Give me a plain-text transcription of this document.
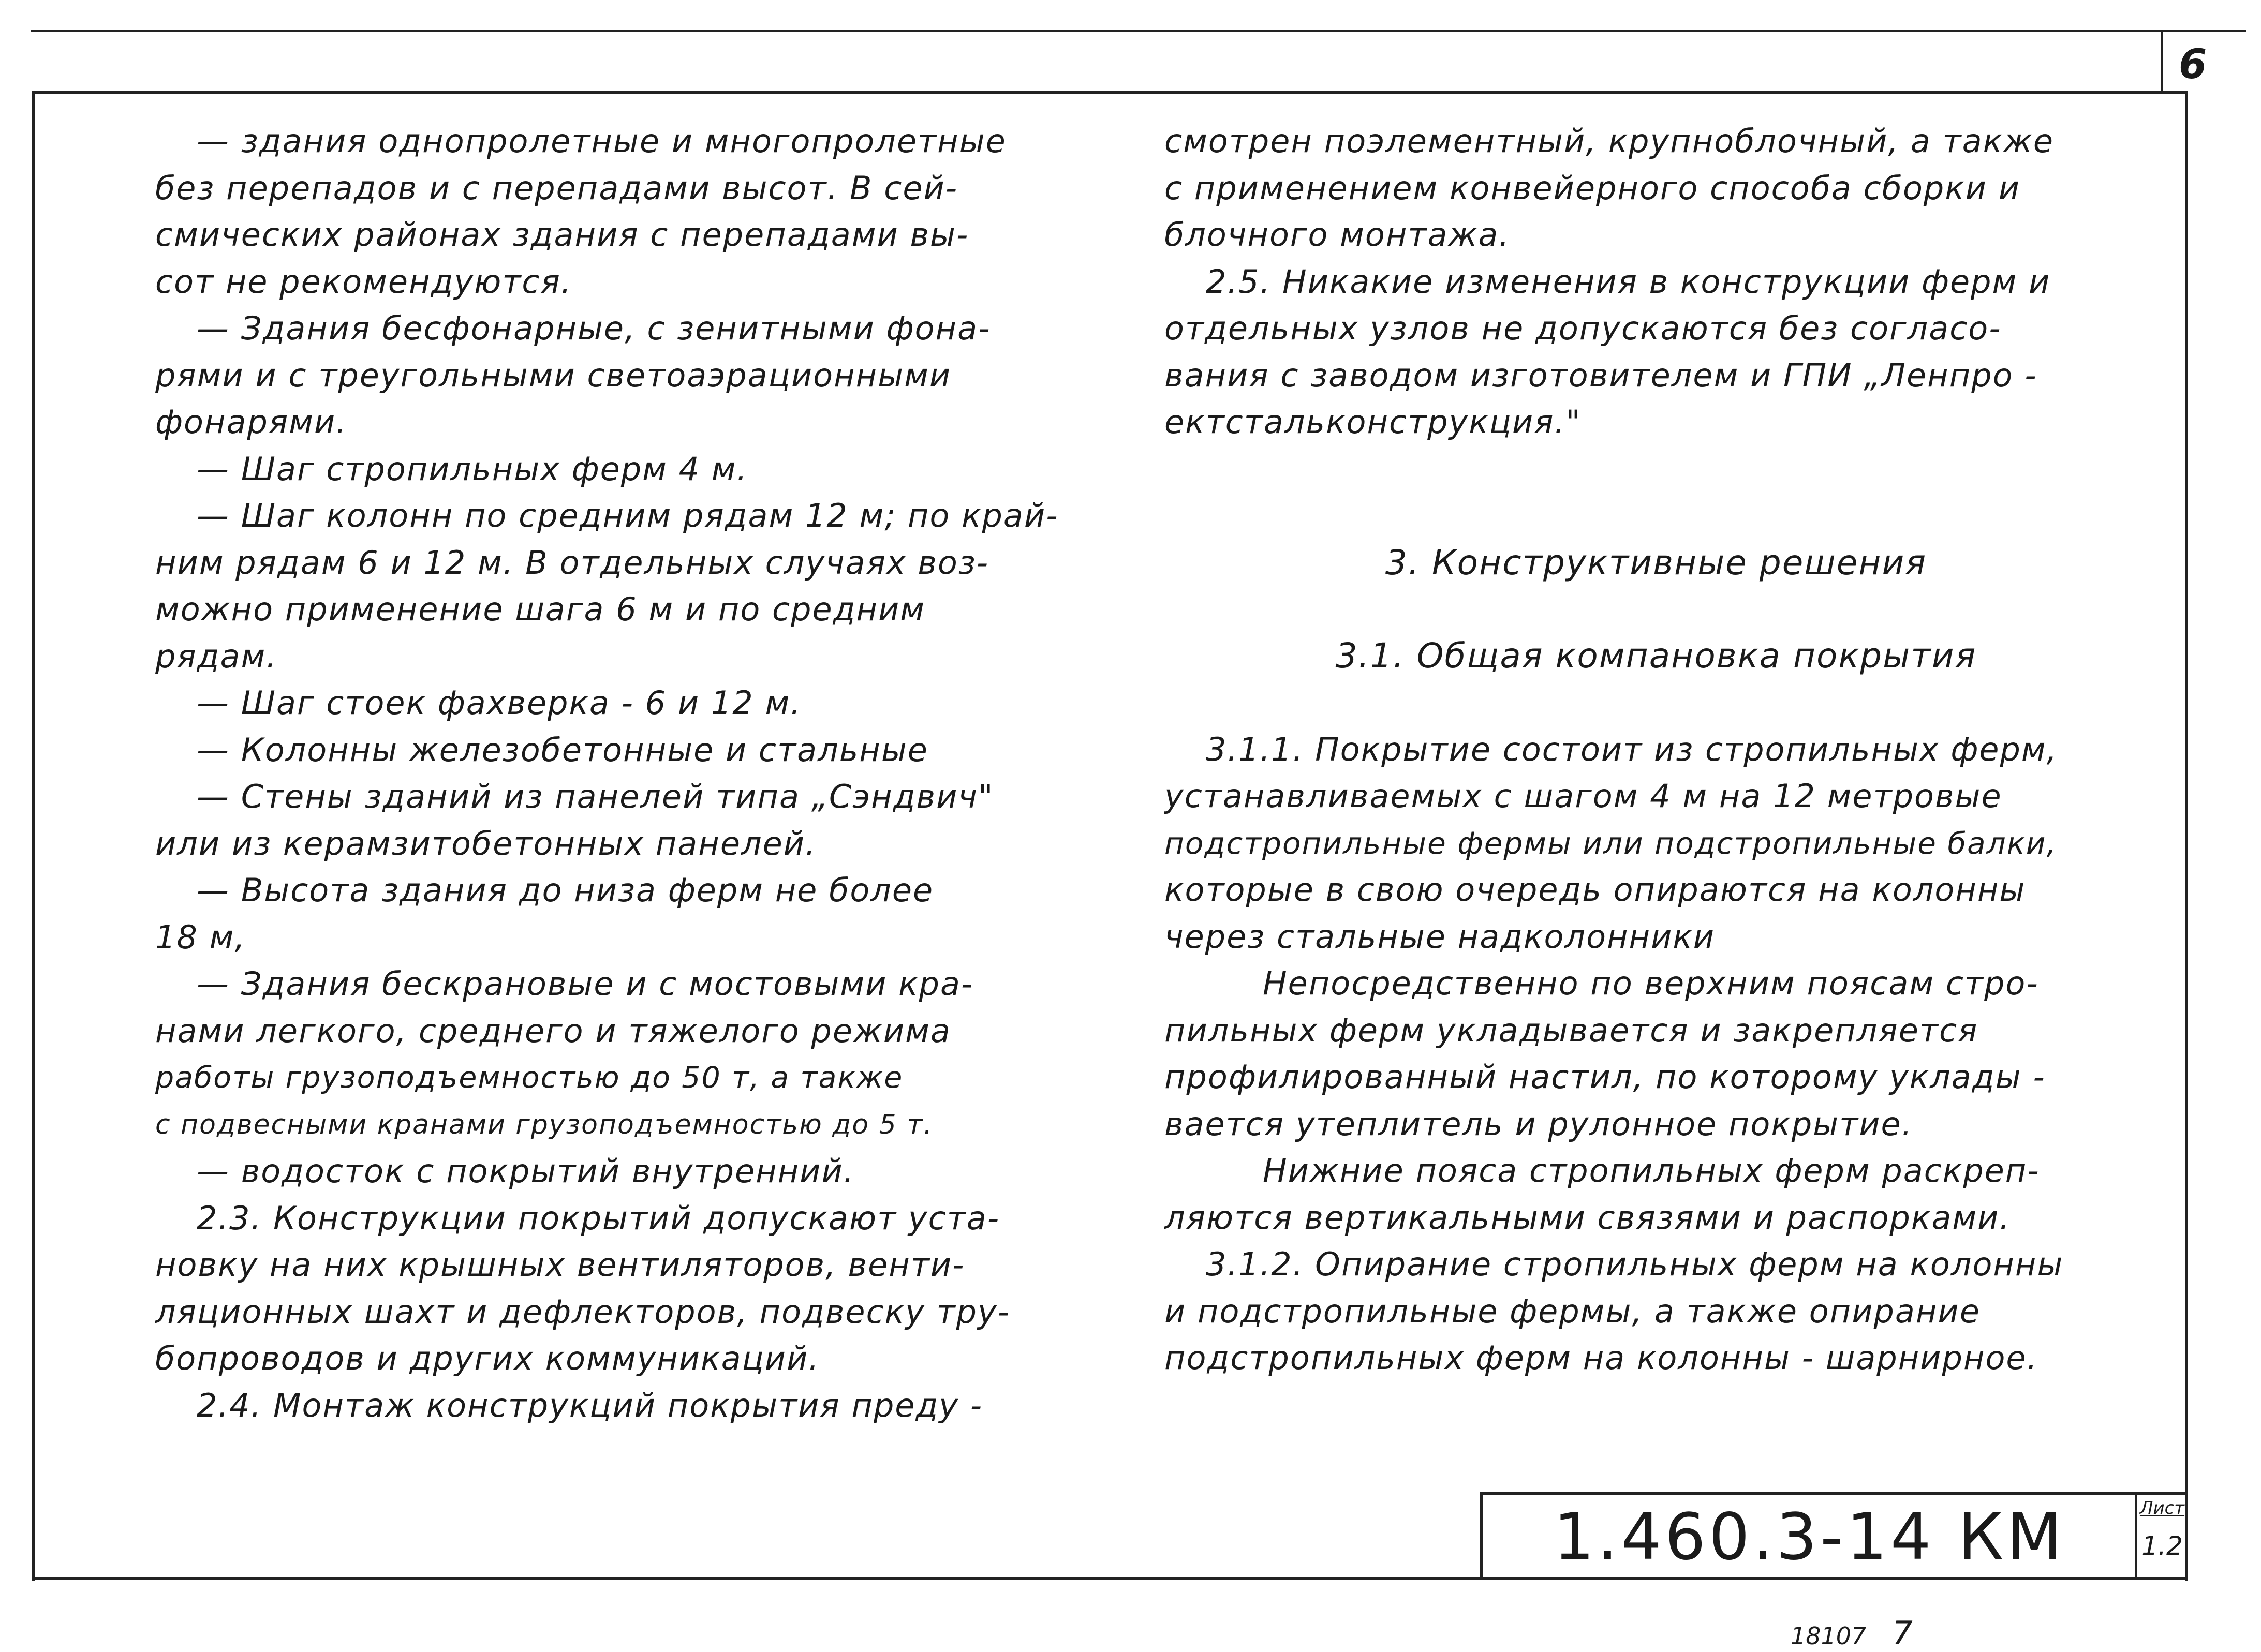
6
— здания однопролетные и многопролетные
без перепадов и с перепадами высот. В сей-
смических районах здания с перепадами вы-
сот не рекомендуются.
— Здания бесфонарные, с зенитными фона-
рями и с треугольными светоаэрационными
фонарями.
— Шаг стропильных ферм 4 м.
— Шаг колонн по средним рядам 12 м; по край-
ним рядам 6 и 12 м. В отдельных случаях воз-
можно применение шага 6 м и по средним
рядам.
— Шаг стоек фахверка - 6 и 12 м.
— Колонны железобетонные и стальные
— Стены зданий из панелей типа „Сэндвич"
или из керамзитобетонных панелей.
— Высота здания до низа ферм не более
18 м,
— Здания бескрановые и с мостовыми кра-
нами легкого, среднего и тяжелого режима
работы грузоподъемностью до 50 т, а также
с подвесными кранами грузоподъемностью до 5 т.
— водосток с покрытий внутренний.
2.3. Конструкции покрытий допускают уста-
новку на них крышных вентиляторов, венти-
ляционных шахт и дефлекторов, подвеску тру-
бопроводов и других коммуникаций.
2.4. Монтаж конструкций покрытия преду -
смотрен поэлементный, крупноблочный, а также
с применением конвейерного способа сборки и
блочного монтажа.
2.5. Никакие изменения в конструкции ферм и
отдельных узлов не допускаются без согласо-
вания с заводом изготовителем и ГПИ „Ленпро -
ектстальконструкция."
3. Конструктивные решения
3.1. Общая компановка покрытия
3.1.1. Покрытие состоит из стропильных ферм,
устанавливаемых с шагом 4 м на 12 метровые
подстропильные фермы или подстропильные балки,
которые в свою очередь опираются на колонны
через стальные надколонники
Непосредственно по верхним поясам стро-
пильных ферм укладывается и закрепляется
профилированный настил, по которому уклады -
вается утеплитель и рулонное покрытие.
Нижние пояса стропильных ферм раскреп-
ляются вертикальными связями и распорками.
3.1.2. Опирание стропильных ферм на колонны
и подстропильные фермы, а также опирание
подстропильных ферм на колонны - шарнирное.
1.460.3-14 КМ	Лист
1.2
18107 7
